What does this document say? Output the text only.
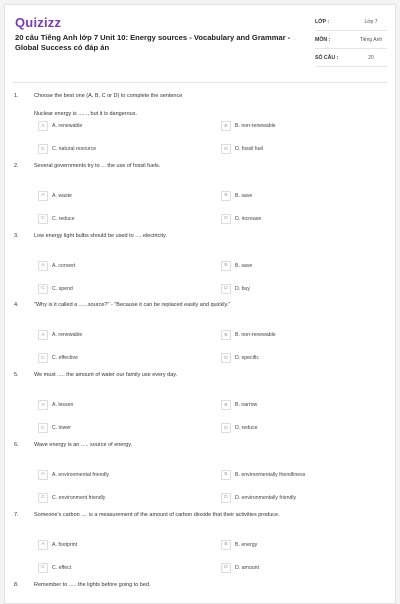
Quizizz
20 câu Tiếng Anh lớp 7 Unit 10: Energy sources - Vocabulary and Grammar - Global Success có đáp án
LỚP :	Lớp 7
MÔN :	Tiếng Anh
SỐ CÂU :	20
1.	Choose the best one (A, B, C or D) to complete the sentence
Nuclear energy is ......, but it is dangerous.
A	A. renewable	B	B. non-renewable
C	C. natural resource	D	D. fossil fuel
2.	Several governments try to ... the use of fossil fuels.
A	A. waste	B	B. save
C	C. reduce	D	D. increase
3.	Low energy light bulbs should be used to .... electricity.
A	A. convert	B	B. save
C	C. spend	D	D. buy
4.	"Why is it called a ......source?" - "Because it can be replaced easily and quickly."
A	A. renewable	B	B. non-renewable
C	C. effective	D	D. specific
5.	We must ..... the amount of water our family use every day.
A	A. lessen	B	B. narrow
C	C. lower	D	D. reduce
6.	Wave energy is an ..... source of energy.
A	A. environmental friendly	B	B. environmentally friendliness
C	C. environment friendly	D	D. environmentally friendly
7.	Someone's carbon .... is a measurement of the amount of carbon dioxide that their activities produce.
A	A. footprint	B	B. energy
C	C. effect	D	D. amount
8.	Remember to ..... the lights before going to bed.
